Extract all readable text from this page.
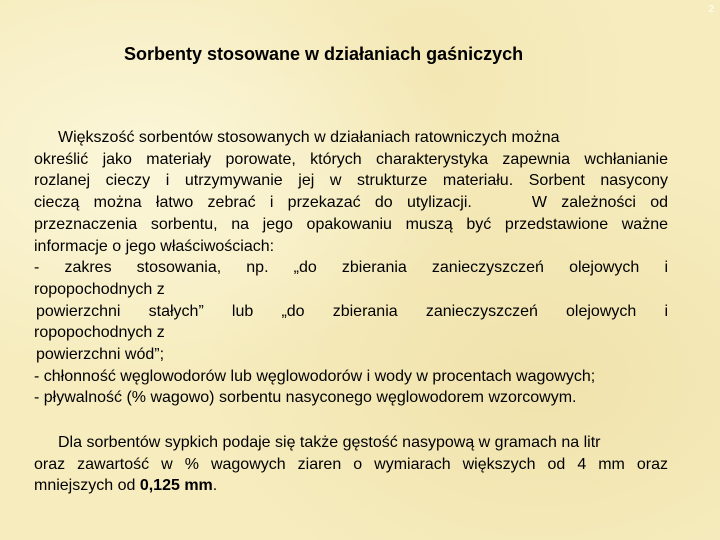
2
Sorbenty stosowane w działaniach gaśniczych
Większość sorbentów stosowanych w działaniach ratowniczych można
określić jako materiały porowate, których charakterystyka zapewnia wchłanianie
rozlanej cieczy i utrzymywanie jej w strukturze materiału. Sorbent nasycony
cieczą można łatwo zebrać i przekazać do utylizacji.	W zależności od
przeznaczenia sorbentu, na jego opakowaniu muszą być przedstawione ważne
informacje o jego właściwościach:
- zakres stosowania, np. „do zbierania zanieczyszczeń olejowych i
ropopochodnych z
powierzchni stałych” lub „do zbierania zanieczyszczeń olejowych i
ropopochodnych z
powierzchni wód”;
- chłonność węglowodorów lub węglowodorów i wody w procentach wagowych;
- pływalność (% wagowo) sorbentu nasyconego węglowodorem wzorcowym.
Dla sorbentów sypkich podaje się także gęstość nasypową w gramach na litr
oraz zawartość w % wagowych ziaren o wymiarach większych od 4 mm oraz
mniejszych od 0,125 mm.
